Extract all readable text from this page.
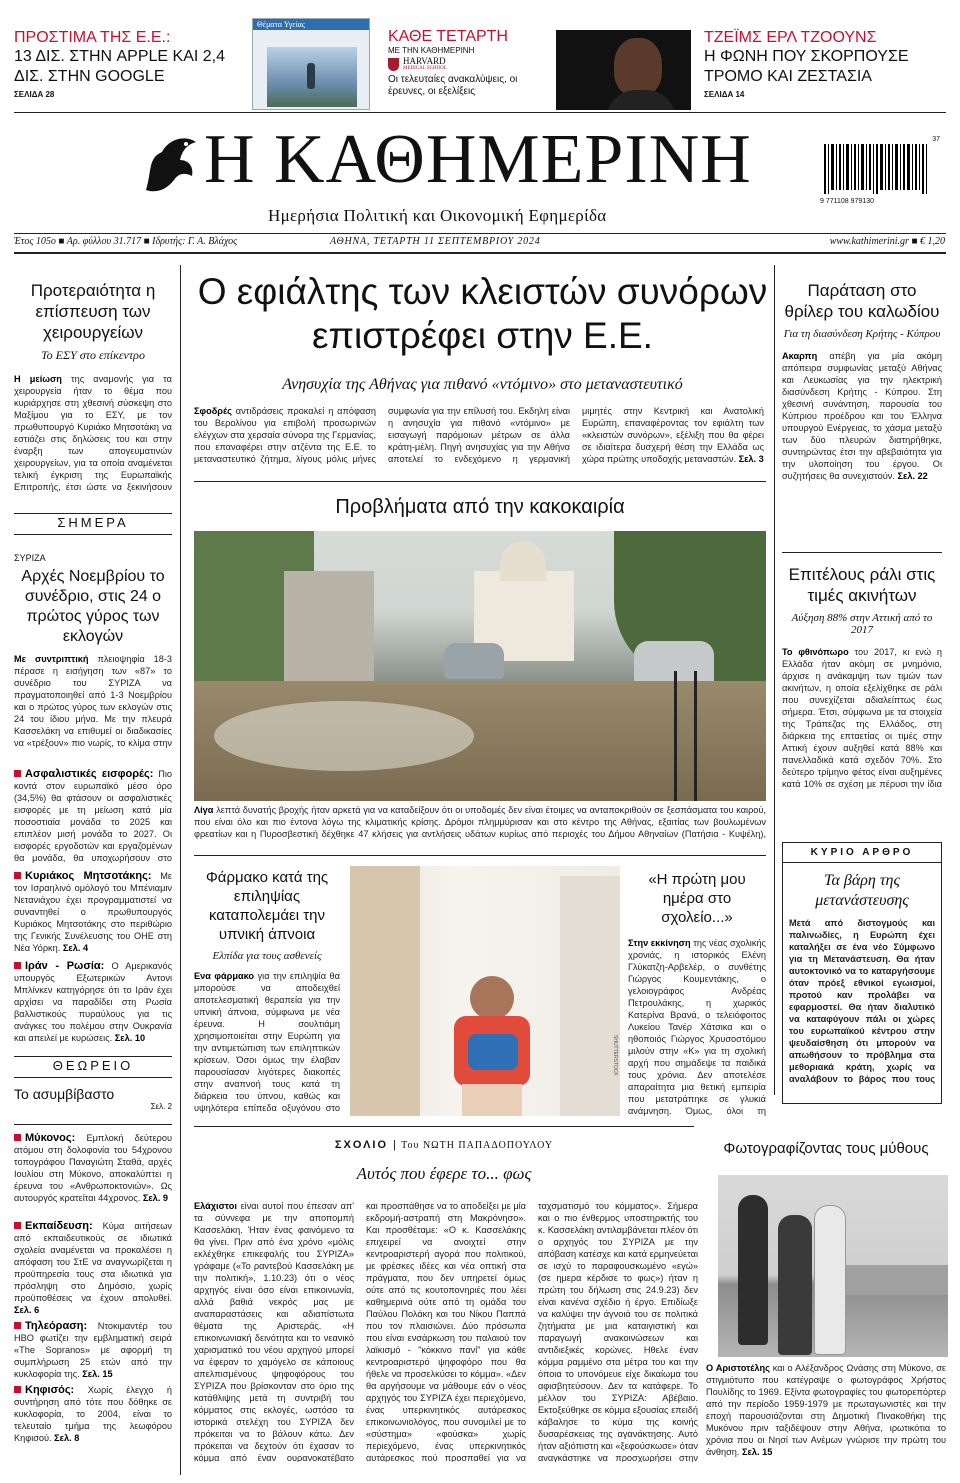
ΠΡΟΣΤΙΜΑ ΤΗΣ Ε.Ε.:
13 ΔΙΣ. ΣΤΗΝ APPLE ΚΑΙ 2,4 ΔΙΣ. ΣΤΗΝ GOOGLE
ΣΕΛΙΔΑ 28
Θέματα Υγείας
ΚΑΘΕ ΤΕΤΑΡΤΗ
ΜΕ ΤΗΝ ΚΑΘΗΜΕΡΙΝΗ
HARVARD
MEDICAL SCHOOL
Οι τελευταίες ανακαλύψεις, οι έρευνες, οι εξελίξεις
ΤΖΕΪΜΣ ΕΡΛ ΤΖΟΟΥΝΣ
Η ΦΩΝΗ ΠΟΥ ΣΚΟΡΠΟΥΣΕ ΤΡΟΜΟ ΚΑΙ ΖΕΣΤΑΣΙΑ
ΣΕΛΙΔΑ 14
Η ΚΑΘΗΜΕΡΙΝΗ	37
9 771108 979130
Ημερήσια Πολιτική και Οικονομική Εφημερίδα
Έτος 105ο ■ Αρ. φύλλου 31.717 ■ Ιδρυτής: Γ. Α. Βλάχος	ΑΘΗΝΑ, ΤΕΤΑΡΤΗ 11 ΣΕΠΤΕΜΒΡΙΟΥ 2024	www.kathimerini.gr ■ € 1,20
Προτεραιότητα η επίσπευση των χειρουργείων
Το ΕΣΥ στο επίκεντρο
Η μείωση της αναμονής για τα χειρουργεία ήταν το θέμα που κυριάρχησε στη χθεσινή σύσκεψη στο Μαξίμου για το ΕΣΥ, με τον πρωθυπουργό Κυριάκο Μητσοτάκη να εστιάζει στις δηλώσεις του και στην έναρξη των απογευματινών χειρουργείων, για τα οποία αναμένεται τελική έγκριση της Ευρωπαϊκής Επιτροπής, έτσι ώστε να ξεκινήσουν
ΣΗΜΕΡΑ
ΣΥΡΙΖΑ
Αρχές Νοεμβρίου το συνέδριο, στις 24 ο πρώτος γύρος των εκλογών
Με συντριπτική πλειοψηφία 18-3 πέρασε η εισήγηση των «87» το συνέδριο του ΣΥΡΙΖΑ να πραγματοποιηθεί από 1-3 Νοεμβρίου και ο πρώτος γύρος των εκλογών στις 24 του ίδιου μήνα. Με την πλευρά Κασσελάκη να επιθυμεί οι διαδικασίες να «τρέξουν» πιο νωρίς, το κλίμα στην
Ασφαλιστικές εισφορές: Πιο κοντά στον ευρωπαϊκό μέσο όρο (34,5%) θα φτάσουν οι ασφαλιστικές εισφορές με τη μείωση κατά μία ποσοστιαία μονάδα το 2025 και επιπλέον μισή μονάδα το 2027. Οι εισφορές εργοδοτών και εργαζομένων θα μονάδα, θα υποχωρήσουν στο
Κυριάκος Μητσοτάκης: Με τον Ισραηλινό ομόλογό του Μπένιαμιν Νετανιάχου έχει προγραμματιστεί να συναντηθεί ο πρωθυπουργός Κυριάκος Μητσοτάκης στο περιθώριο της Γενικής Συνέλευσης του ΟΗΕ στη Νέα Υόρκη. Σελ. 4
Ιράν - Ρωσία: Ο Αμερικανός υπουργός Εξωτερικών Αντονι Μπλίνκεν κατηγόρησε ότι το Ιράν έχει αρχίσει να παραδίδει στη Ρωσία βαλλιστικούς πυραύλους για τις ανάγκες του πολέμου στην Ουκρανία και απειλεί με κυρώσεις. Σελ. 10
ΘΕΩΡΕΙΟ
Το ασυμβίβαστο
Σελ. 2
Μύκονος: Εμπλοκή δεύτερου ατόμου στη δολοφονία του 54χρονου τοπογράφου Παναγιώτη Σταθά, αρχές Ιουλίου στη Μύκονο, αποκαλύπτει η έρευνα του «Ανθρωποκτονιών». Ως αυτουργός κρατείται 44χρονος. Σελ. 9
Εκπαίδευση: Κύμα αιτήσεων από εκπαιδευτικούς σε ιδιωτικά σχολεία αναμένεται να προκαλέσει η απόφαση του ΣτΕ να αναγνωρίζεται η προϋπηρεσία τους στα ιδιωτικά για πρόσληψη στο Δημόσιο, χωρίς προϋποθέσεις να έχουν απολυθεί. Σελ. 6
Τηλεόραση: Ντοκιμαντέρ του HBO φωτίζει την εμβληματική σειρά «The Sopranos» με αφορμή τη συμπλήρωση 25 ετών από την κυκλοφορία της. Σελ. 15
Κηφισός: Χωρίς έλεγχο ή συντήρηση από τότε που δόθηκε σε κυκλοφορία, το 2004, είναι το τελευταίο τμήμα της λεωφόρου Κηφισού. Σελ. 8
Ο εφιάλτης των κλειστών συνόρων επιστρέφει στην Ε.Ε.
Ανησυχία της Αθήνας για πιθανό «ντόμινο» στο μεταναστευτικό
Σφοδρές αντιδράσεις προκαλεί η απόφαση του Βερολίνου για επιβολή προσωρινών ελέγχων στα χερσαία σύνορα της Γερμανίας, που επαναφέρει στην ατζέντα της Ε.Ε. το μεταναστευτικό ζήτημα, λίγους μόλις μήνες
συμφωνία για την επίλυσή του. Εκδηλη είναι η ανησυχία για πιθανό «ντόμινο» με εισαγωγή παρόμοιων μέτρων σε άλλα κράτη-μέλη. Πηγή ανησυχίας για την Αθήνα αποτελεί το ενδεχόμενο η γερμανική
μιμητές στην Κεντρική και Ανατολική Ευρώπη, επαναφέροντας τον εφιάλτη των «κλειστών συνόρων», εξέλιξη που θα φέρει σε ιδιαίτερα δυσχερή θέση την Ελλάδα ως χώρα πρώτης υποδοχής μεταναστών. Σελ. 3
Προβλήματα από την κακοκαιρία
Λίγα λεπτά δυνατής βροχής ήταν αρκετά για να καταδείξουν ότι οι υποδομές δεν είναι έτοιμες να ανταποκριθούν σε ξεσπάσματα του καιρού, που είναι όλο και πιο έντονα λόγω της κλιματικής κρίσης. Δρόμοι πλημμύρισαν και στο κέντρο της Αθήνας, εξαιτίας των βουλωμένων φρεατίων και η Πυροσβεστική δέχθηκε 47 κλήσεις για αντλήσεις υδάτων κυρίως από περιοχές του Δήμου Αθηναίων (Πατήσια - Κυψέλη),
Φάρμακο κατά της επιληψίας καταπολεμάει την υπνική άπνοια
Ελπίδα για τους ασθενείς
Ενα φάρμακο για την επιληψία θα μπορούσε να αποδειχθεί αποτελεσματική θεραπεία για την υπνική άπνοια, σύμφωνα με νέα έρευνα. Η σουλτιάμη χρησιμοποιείται στην Ευρώπη για την αντιμετώπιση των επιληπτικών κρίσεων. Όσοι όμως την έλαβαν παρουσίασαν λιγότερες διακοπές στην αναπνοή τους κατά τη διάρκεια του ύπνου, καθώς και υψηλότερα επίπεδα οξυγόνου στο
SHUTTERSTOCK
«Η πρώτη μου ημέρα στο σχολείο...»
Στην εκκίνηση της νέας σχολικής χρονιάς, η ιστορικός Ελένη Γλύκατζη-Αρβελέρ, ο συνθέτης Γιώργος Κουμεντάκης, ο γελοιογράφος Ανδρέας Πετρουλάκης, η χωρικός Κατερίνα Βρανά, ο τελειόφοιτος Λυκείου Τανέρ Χάτσικα και ο ηθοποιός Γιώργος Χρυσοστόμου μιλούν στην «Κ» για τη σχολική αρχή που σημάδεψε τα παιδικά τους χρόνια. Δεν αποτελέσε απαραίτητα μια θετική εμπειρία που μετατράπηκε σε γλυκιά ανάμνηση. Όμως, όλοι τη
ΣΧΟΛΙΟ | Του ΝΩΤΗ ΠΑΠΑΔΟΠΟΥΛΟΥ
Αυτός που έφερε το... φως
Ελάχιστοι είναι αυτοί που έπεσαν απ' τα σύννεφα με την αποπομπή Κασσελάκη. Ήταν ένας φαινόμενο τα θα γίνει. Πριν από ένα χρόνο «μόλις εκλέχθηκε επικεφαλής του ΣΥΡΙΖΑ» γράφαμε («Το ραντεβού Κασσελάκη με την πολιτική», 1.10.23) ότι ο νέος αρχηγός είναι όσο είναι επικοινωνία, αλλά βαθιά νεκρός μας με αναπαραστάσεις και αδιαπίστωτα θέματα της Αριστεράς. «Η επικοινωνιακή δεινότητα και το νεανικό χαρισματικό του νέου αρχηγού μπορεί να έφεραν το χαμόγελο σε κάποιους απελπισμένους ψηφοφόρους του ΣΥΡΙΖΑ που βρίσκονταν στο όριο της κατάθλιψης μετά τη συντριβή του κόμματος στις εκλογές, ωστόσο τα ιστορικά στελέχη του ΣΥΡΙΖΑ δεν πρόκειται να το βάλουν κάτω. Δεν πρόκειται να δεχτούν ότι έχασαν το κόμμα από έναν ουρανοκατέβατο
και προσπάθησε να το αποδείξει με μία εκδρομή-αστραπή στη Μακρόνησο». Και προσθέταμε: «Ο κ. Κασσελάκης επιχειρεί να ανοιχτεί στην κεντροαριστερή αγορά που πολιτικού, με φρέσκες ιδέες και νέα οπτική στα πράγματα, που δεν υπηρετεί όμως ούτε από τις κουτοπονηριές που λέει καθημερινά ούτε από τη ομάδα του Παύλου Πολάκη και του Νίκου Παππά που τον πλαισιώνει. Δύο πρόσωπα που είναι ενσάρκωση του παλαιού τον λαϊκισμό - "κόκκινο πανί" για κάθε κεντροαριστερό ψηφοφόρο που θα ήθελε να προσελκύσει το κόμμα». «Δεν θα αργήσουμε να μάθουμε εάν ο νέος αρχηγός του ΣΥΡΙΖΑ έχει περιεχόμενο, ένας υπερκινητικός αυτάρεσκος επικοινωνιολόγος, που συνομιλεί με το «σύστημα» «φούσκα» χωρίς περιεχόμενο, ένας υπερκινητικός αυτάρεσκος πού προσπαθεί για να
ταχσματισμό του κόμματος». Σήμερα και ο πιο ένθερμος υποστηρικτής του κ. Κασσελάκη αντιλαμβάνεται πλέον ότι ο αρχηγός του ΣΥΡΙΖΑ με την απόβαση κατέσχε και κατά ερμηνεύεται σε ισχύ το παραφουσκωμένο «εγώ» (σε ημερα κέρδισε το φως») ήταν η πρώτη του δήλωση στις 24.9.23) δεν είναι κανένα σχέδιο ή έργο. Επιδίωξε να καλύψει την άγνοιά του σε πολιτικά ζητήματα με μια καταιγιστική και παραγωγή ανακοινώσεων και αντιδιεξικές κορώνες. Ηθελε έναν κόμμα ραμμένο στα μέτρα του και την όποια το υπονόμευε είχε δικαίωμα του αφισβητεύσουν. Δεν τα κατάφερε. Το μέλλον του ΣΥΡΙΖΑ: Αβέβαιο. Εκτοξεύθηκε σε κόμμα εξουσίας επειδή κάβαλησε το κύμα της κοινής δυσαρέσκειας της αγανάκτησης. Αυτό ήταν αξιόπιστη και «ξεφούσκωσε» όταν αναγκάστηκε να προσχωρήσει στην
Παράταση στο θρίλερ του καλωδίου
Για τη διασύνδεση Κρήτης - Κύπρου
Ακαρπη απέβη για μία ακόμη απόπειρα συμφωνίας μεταξύ Αθήνας και Λευκωσίας για την ηλεκτρική διασύνδεση Κρήτης - Κύπρου. Στη χθεσινή συνάντηση, παρουσία του Κύπριου προέδρου και του Έλληνα υπουργού Ενέργειας, το χάσμα μεταξύ των δύο πλευρών διατηρήθηκε, συντηρώντας έτσι την αβεβαιότητα για την υλοποίηση του έργου. Οι συζητήσεις θα συνεχιστούν. Σελ. 22
Επιτέλους ράλι στις τιμές ακινήτων
Αύξηση 88% στην Αττική από το 2017
Το φθινόπωρο του 2017, κι ενώ η Ελλάδα ήταν ακόμη σε μνημόνιο, άρχισε η ανάκαμψη των τιμών των ακινήτων, η οποία εξελίχθηκε σε ράλι που συνεχίζεται αδιαλείπτως έως σήμερα. Έτσι, σύμφωνα με τα στοιχεία της Τράπεζας της Ελλάδος, στη διάρκεια της επταετίας οι τιμές στην Αττική έχουν αυξηθεί κατά 88% και πανελλαδικά κατά σχεδόν 70%. Στο δεύτερο τρίμηνο φέτος είναι αυξημένες κατά 10% σε σχέση με πέρυσι την ίδια
ΚΥΡΙΟ ΑΡΘΡΟ
Τα βάρη της μετανάστευσης
Μετά από διστογμούς και παλινωδίες, η Ευρώπη έχει καταλήξει σε ένα νέο Σύμφωνο για τη Μετανάστευση. Θα ήταν αυτοκτονικό να το καταργήσουμε όταν πρόεξ εθνικοί εγωισμοί, προτού καν προλάβει να εφαρμοστεί. Θα ήταν διαλυτικό να καταφύγουν πάλι οι χώρες του ευρωπαϊκού κέντρου στην ψευδαίσθηση ότι μπορούν να απωθήσουν το πρόβλημα στα μεθοριακά κράτη, χωρίς να αναλάβουν το βάρος που τους
Φωτογραφίζοντας τους μύθους
Ο Αριστοτέλης και ο Αλέξανδρος Ωνάσης στη Μύκονο, σε στιγμιότυπο που κατέγραψε ο φωτογράφος Χρήστος Πουλίδης το 1969. Εξίντα φωτογραφίες του φωτορεπόρτερ από την περίοδο 1959-1979 με πρωταγωνιστές και την εποχή παρουσιάζονται στη Δημοτική Πινακοθήκη της Μυκόνου πριν ταξιδέψουν στην Αθήνα, ιρωτικότια το χρόνια που οι Νησί των Ανέμων γνώρισε την πρώτη του άνθηση. Σελ. 15
